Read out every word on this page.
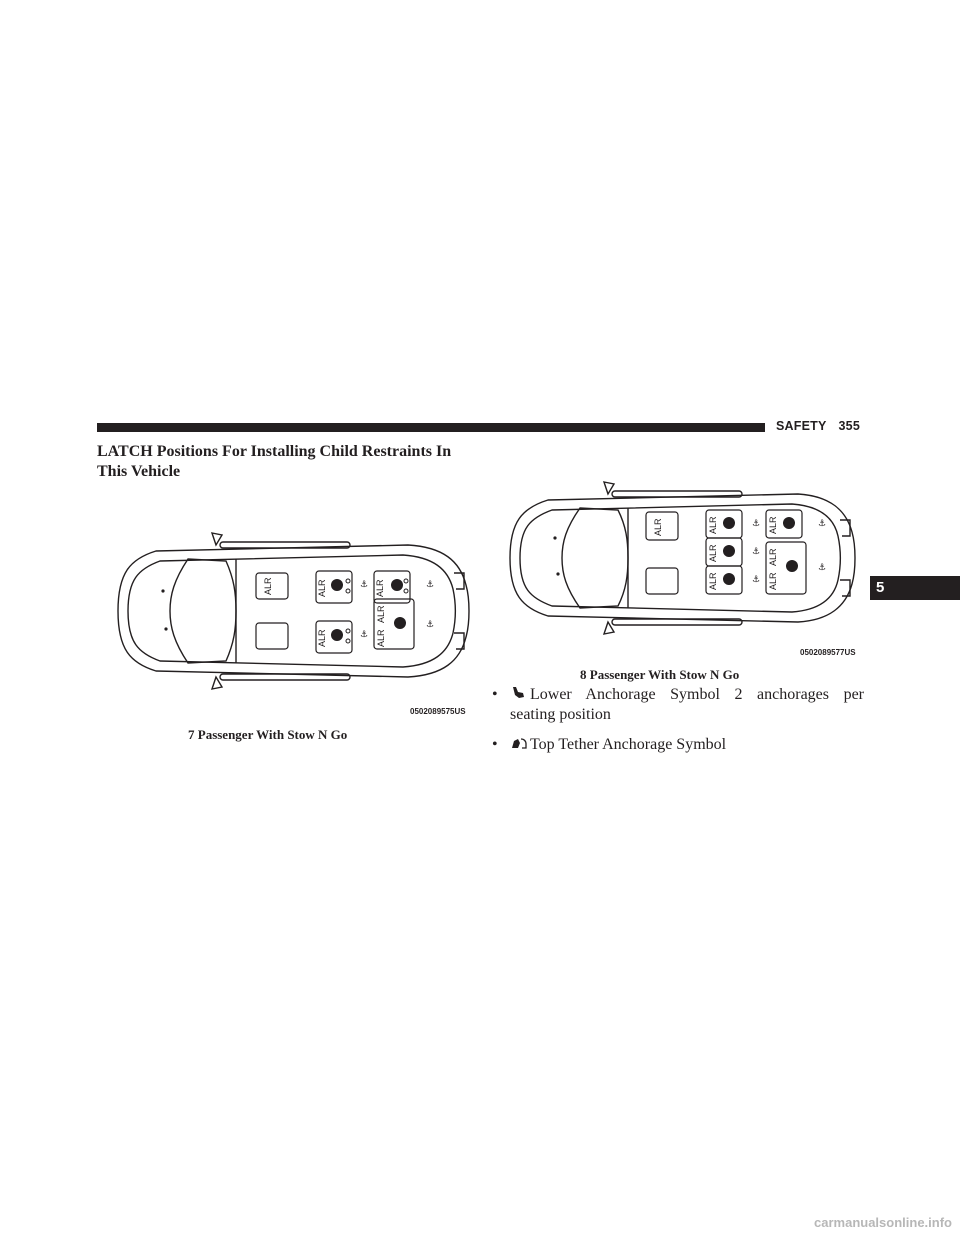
SAFETY 355
5
LATCH Positions For Installing Child Restraints In This Vehicle
ALR	ALR
ALR
ALR
ALR
ALR
⚓
⚓
⚓
⚓
0502089575US
7 Passenger With Stow N Go
ALR	ALR
ALR
ALR
ALR
ALR
ALR
⚓
⚓
⚓
⚓
⚓
0502089577US
8 Passenger With Stow N Go
•	Lower Anchorage Symbol 2 anchorages per
seating position
• Top Tether Anchorage Symbol
carmanualsonline.info
